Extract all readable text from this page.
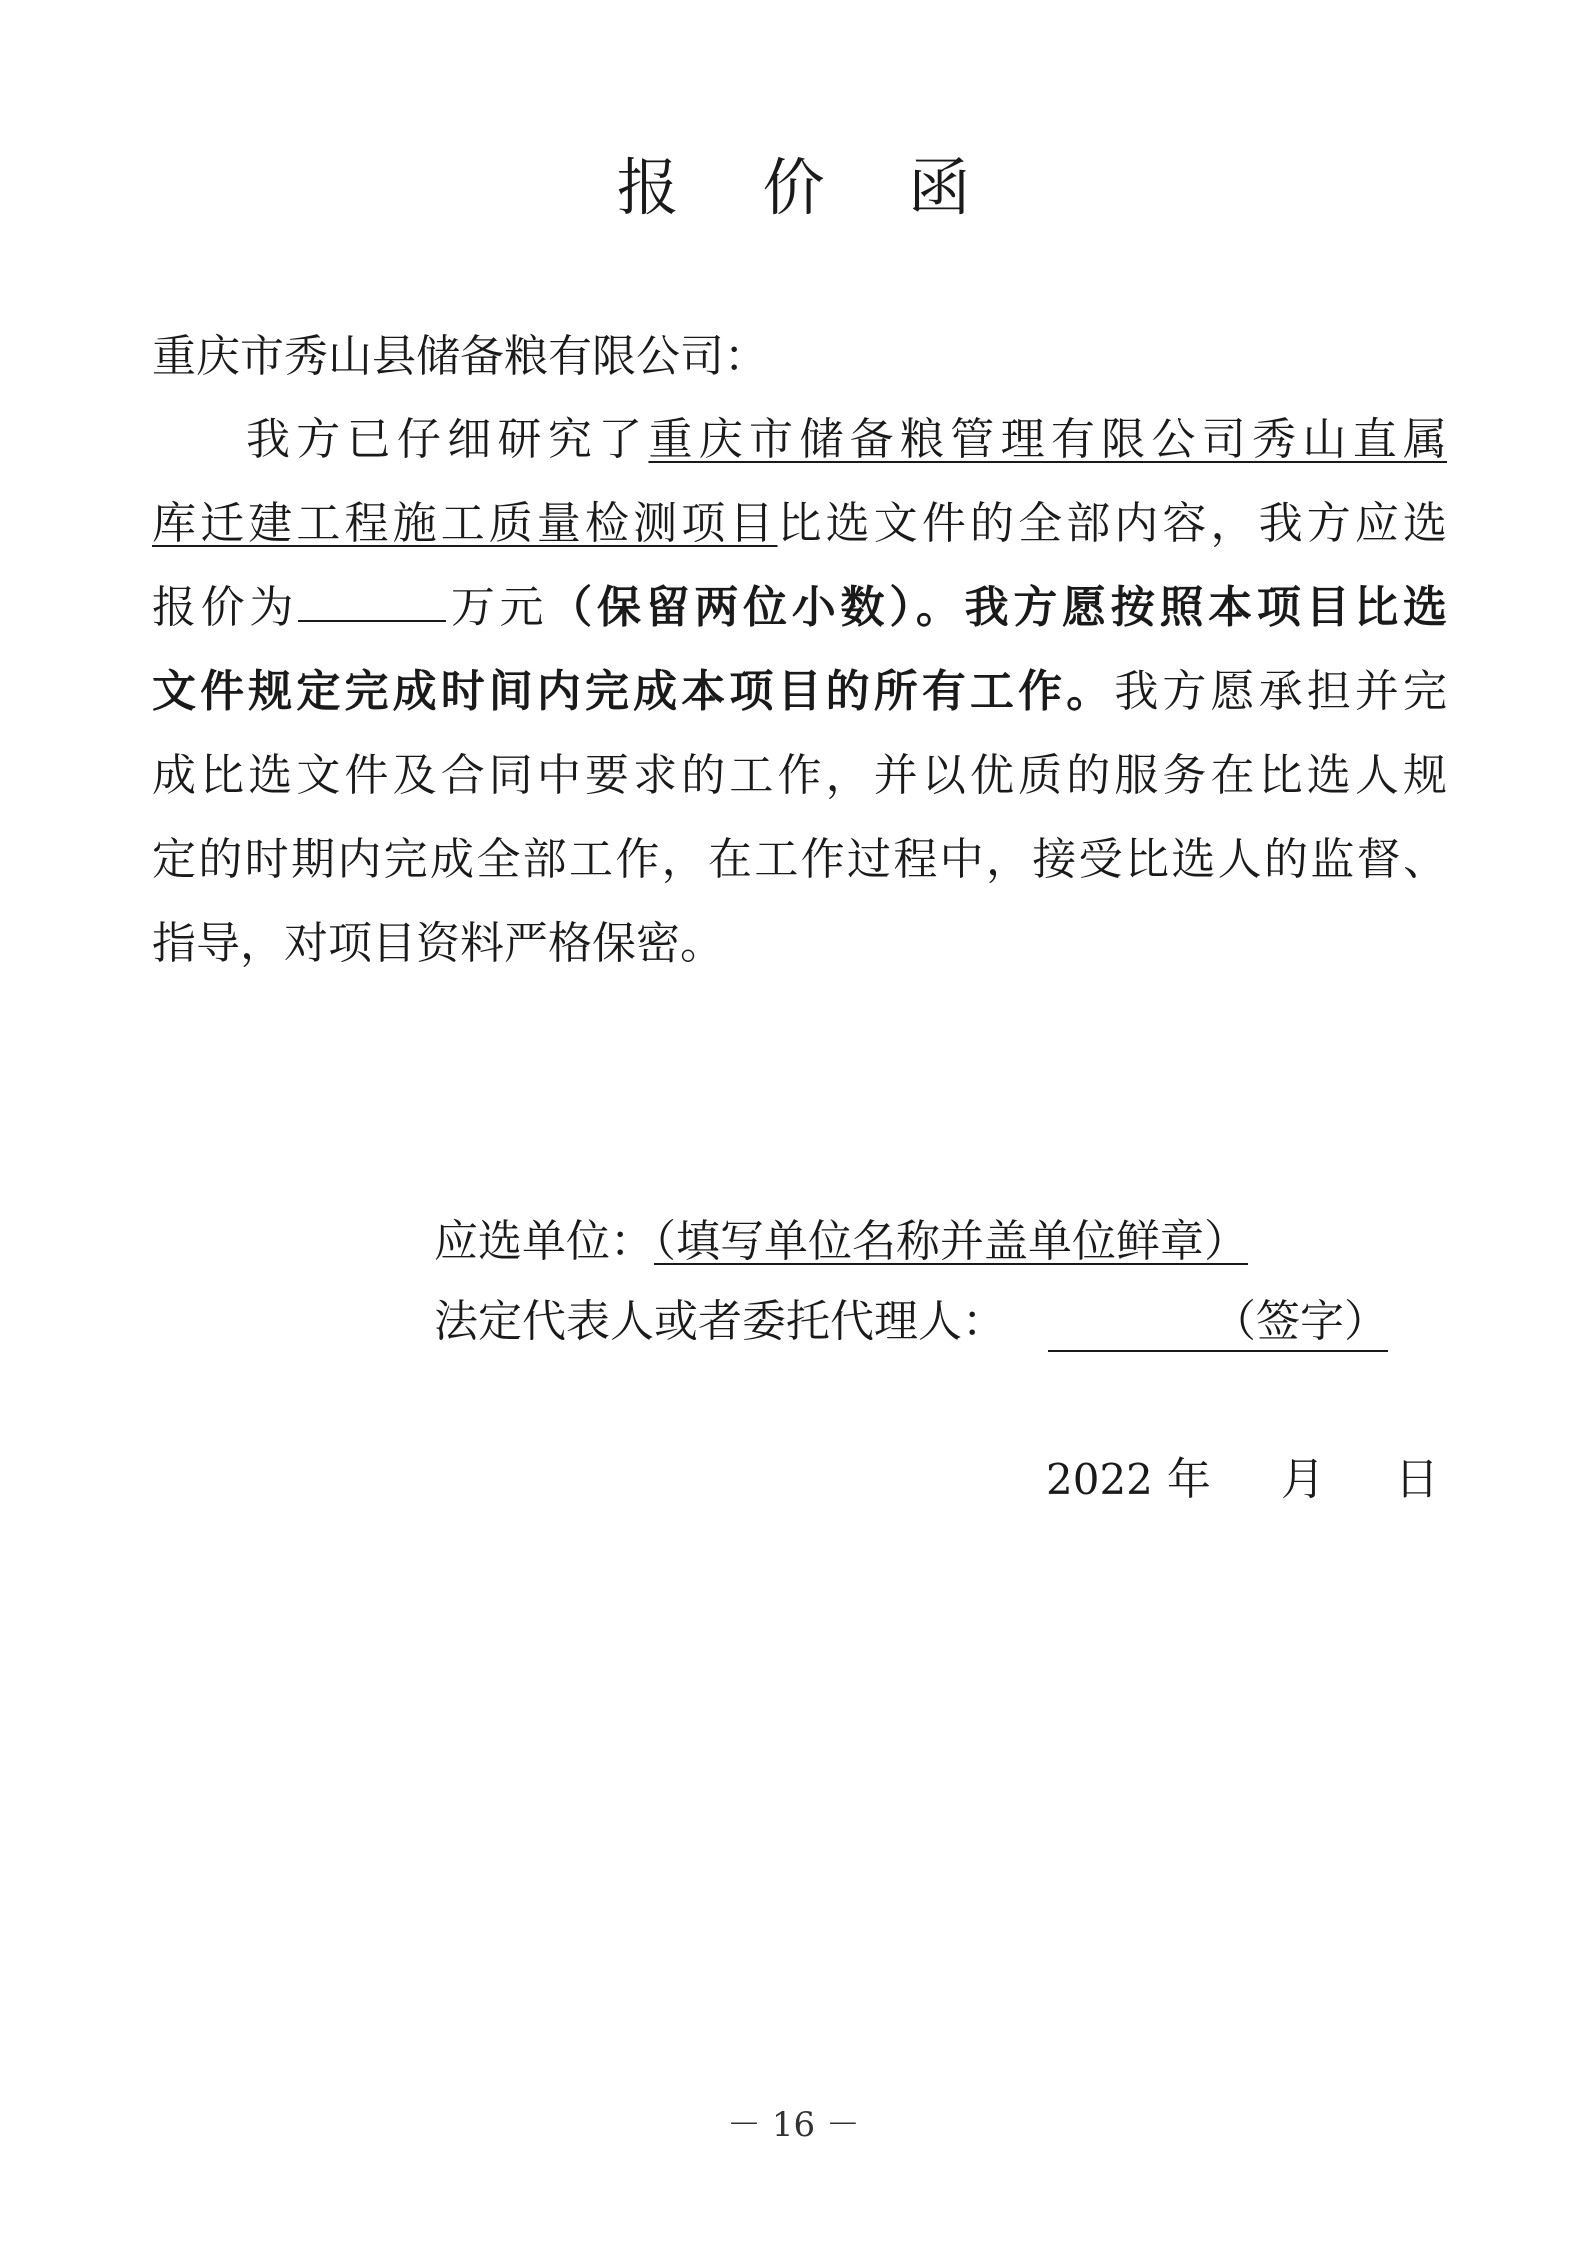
报 价 函
重庆市秀山县储备粮有限公司：
我方已仔细研究了重庆市储备粮管理有限公司秀山直属
库迁建工程施工质量检测项目比选文件的全部内容，我方应选
报价为	万元（保留两位小数）。我方愿按照本项目比选
文件规定完成时间内完成本项目的所有工作。我方愿承担并完
成比选文件及合同中要求的工作，并以优质的服务在比选人规
定的时期内完成全部工作，在工作过程中，接受比选人的监督、
指导，对项目资料严格保密。
应选单位：（填写单位名称并盖单位鲜章）
法定代表人或者委托代理人：	（签字）
2022 年 月 日
－ 16 －
